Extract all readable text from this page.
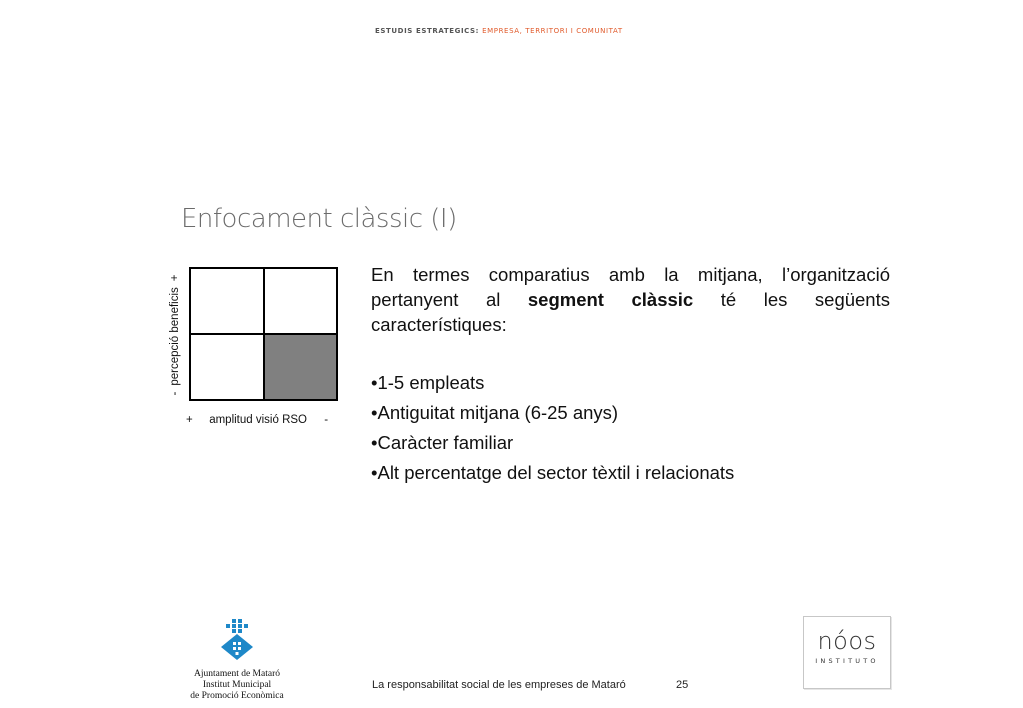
ESTUDIS ESTRATEGICS: EMPRESA, TERRITORI I COMUNITAT
Enfocament clàssic (I)
-
percepció beneficis
+
+ amplitud visió RSO -

En termes comparatius amb la mitjana, l’organització pertanyent al segment clàssic té les següents característiques:

•1-5 empleats
•Antiguitat mitjana (6-25 anys)
•Caràcter familiar
•Alt percentatge del sector tèxtil i relacionats
Ajuntament de Mataró
Institut Municipal
de Promoció Econòmica
La responsabilitat social de les empreses de Mataró	25
nóos
INSTITUTO
